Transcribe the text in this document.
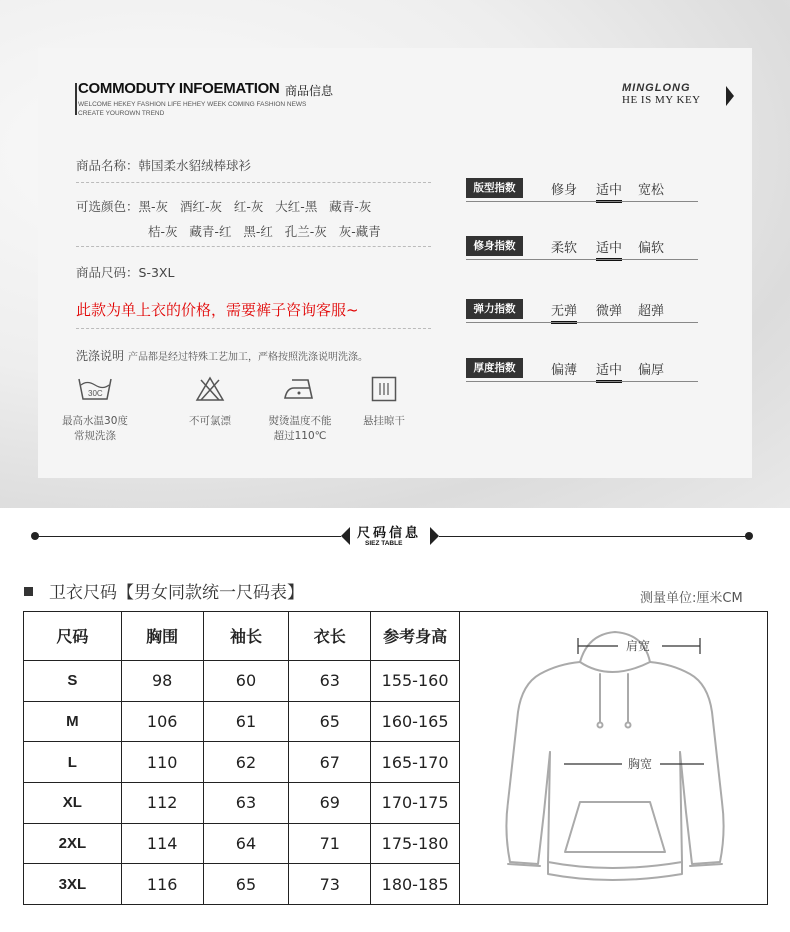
COMMODUTY INFOEMATION 商品信息
WELCOME HEKEY FASHION LIFE HEHEY WEEK COMING FASHION NEWS
CREATE YOUROWN TREND
MINGLONG
HE IS MY KEY
商品名称：韩国柔水貂绒棒球衫
可选颜色：黑-灰   酒红-灰   红-灰   大红-黑   藏青-灰
桔-灰   藏青-红   黑-红   孔兰-灰   灰-藏青
商品尺码：S-3XL
此款为单上衣的价格，需要裤子咨询客服~
洗涤说明 产品都是经过特殊工艺加工，严格按照洗涤说明洗涤。
30C
最高水温30度
常规洗涤
不可氯漂	熨烫温度不能
超过110℃
悬挂晾干
版型指数	修身 适中 宽松
修身指数	柔软 适中 偏软
弹力指数	无弹 微弹 超弹
厚度指数	偏薄 适中 偏厚
尺码信息
SIEZ TABLE
卫衣尺码【男女同款统一尺码表】	测量单位:厘米CM
尺码	胸围	袖长	衣长	参考身高
S	98	60	63	155-160
M	106	61	65	160-165
L	110	62	67	165-170
XL	112	63	69	170-175
2XL	114	64	71	175-180
3XL	116	65	73	180-185
肩宽
胸宽
